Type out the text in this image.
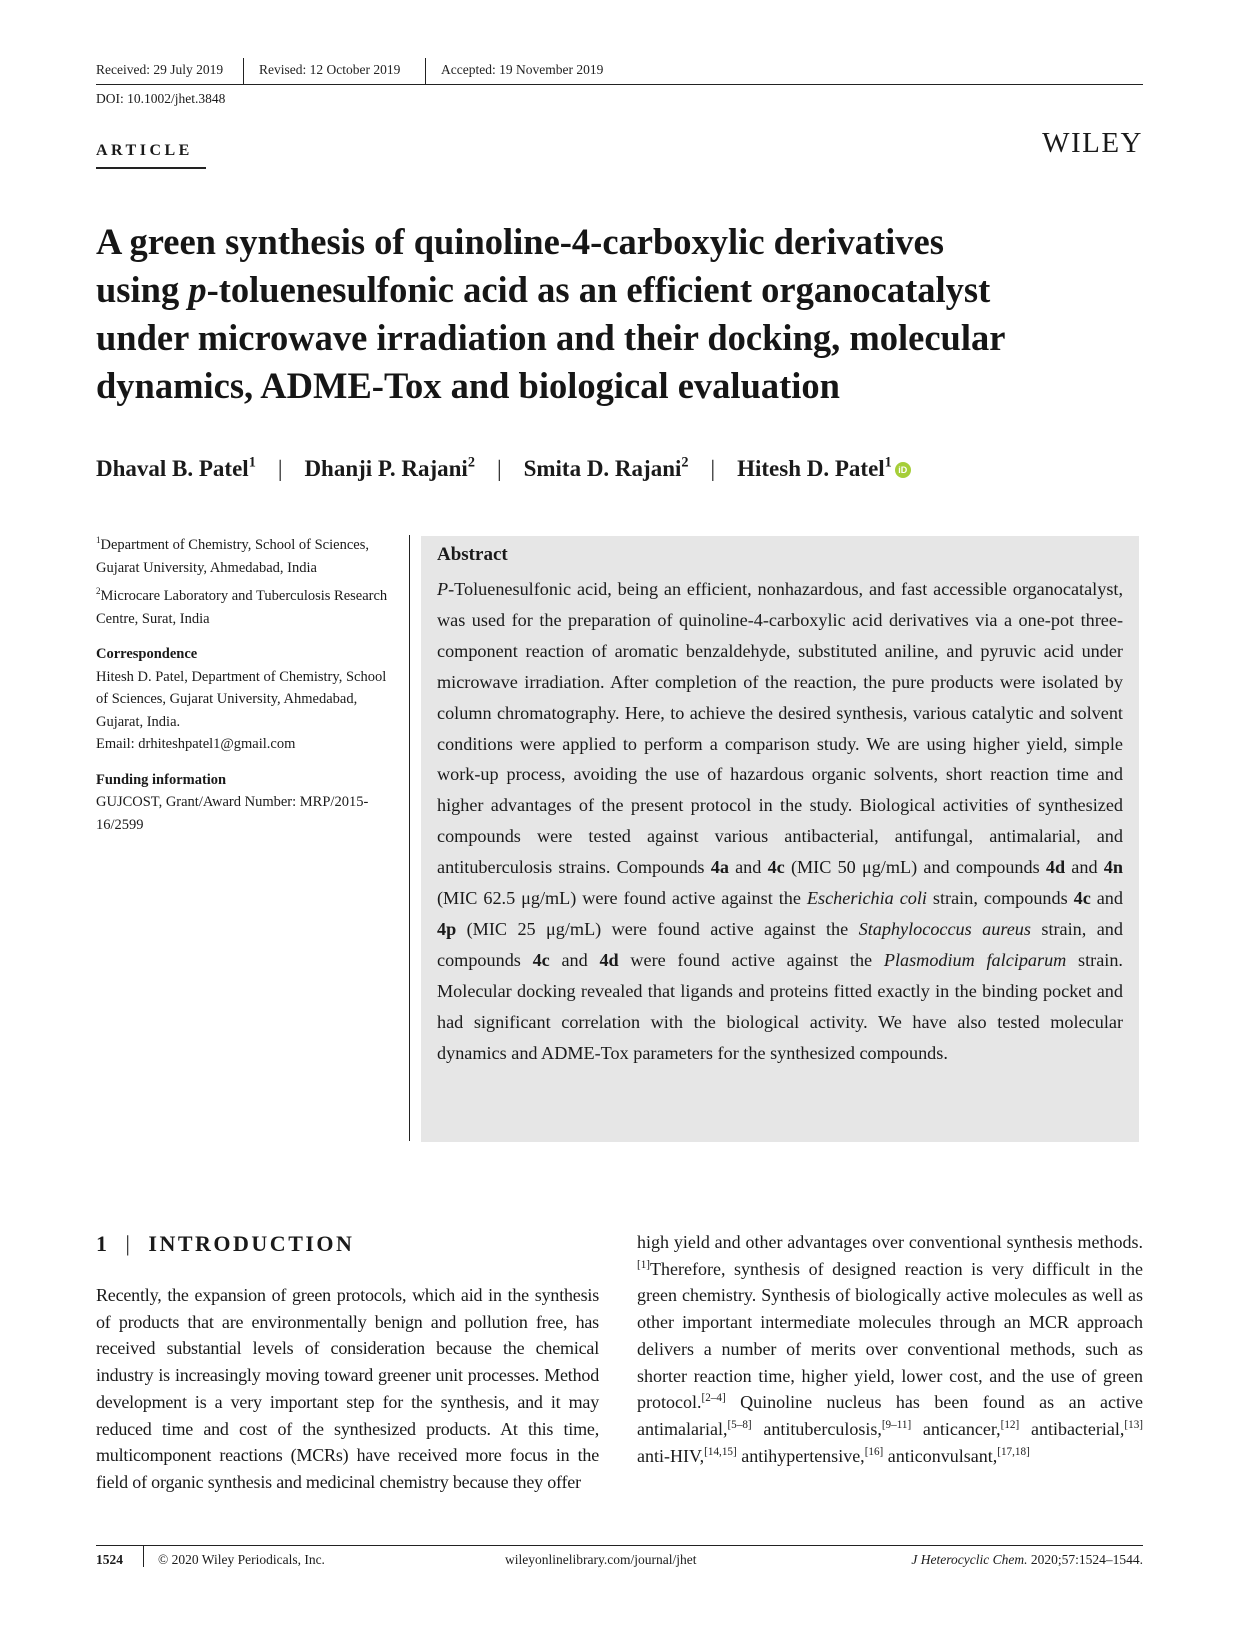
Received: 29 July 2019	Revised: 12 October 2019	Accepted: 19 November 2019
DOI: 10.1002/jhet.3848
ARTICLE	WILEY
A green synthesis of quinoline-4-carboxylic derivatives
using p-toluenesulfonic acid as an efficient organocatalyst
under microwave irradiation and their docking, molecular
dynamics, ADME-Tox and biological evaluation
Dhaval B. Patel$^1$ | Dhanji P. Rajani$^2$ | Smita D. Rajani$^2$ | Hitesh D. Patel$^1$ iD

$^1$Department of Chemistry, School of Sciences, Gujarat University, Ahmedabad, India

$^2$Microcare Laboratory and Tuberculosis Research Centre, Surat, India

Correspondence

Hitesh D. Patel, Department of Chemistry, School of Sciences, Gujarat University, Ahmedabad, Gujarat, India.

Email: drhiteshpatel1@gmail.com

Funding information

GUJCOST, Grant/Award Number: MRP/2015-16/2599

Abstract
P-Toluenesulfonic acid, being an efficient, nonhazardous, and fast accessible organocatalyst, was used for the preparation of quinoline-4-carboxylic acid derivatives via a one-pot three-component reaction of aromatic benzaldehyde, substituted aniline, and pyruvic acid under microwave irradiation. After completion of the reaction, the pure products were isolated by column chromatography. Here, to achieve the desired synthesis, various catalytic and solvent conditions were applied to perform a comparison study. We are using higher yield, simple work-up process, avoiding the use of hazardous organic solvents, short reaction time and higher advantages of the present protocol in the study. Biological activities of synthesized compounds were tested against various antibacterial, antifungal, antimalarial, and antituberculosis strains. Compounds 4a and 4c (MIC 50 μg/mL) and compounds 4d and 4n (MIC 62.5 μg/mL) were found active against the Escherichia coli strain, compounds 4c and 4p (MIC 25 μg/mL) were found active against the Staphylococcus aureus strain, and compounds 4c and 4d were found active against the Plasmodium falciparum strain. Molecular docking revealed that ligands and proteins fitted exactly in the binding pocket and had significant correlation with the biological activity. We have also tested molecular dynamics and ADME-Tox parameters for the synthesized compounds.
1 | INTRODUCTION
Recently, the expansion of green protocols, which aid in the synthesis of products that are environmentally benign and pollution free, has received substantial levels of consideration because the chemical industry is increasingly moving toward greener unit processes. Method development is a very important step for the synthesis, and it may reduced time and cost of the synthesized products. At this time, multicomponent reactions (MCRs) have received more focus in the field of organic synthesis and medicinal chemistry because they offer
high yield and other advantages over conventional synthesis methods.[1]Therefore, synthesis of designed reaction is very difficult in the green chemistry. Synthesis of biologically active molecules as well as other important intermediate molecules through an MCR approach delivers a number of merits over conventional methods, such as shorter reaction time, higher yield, lower cost, and the use of green protocol.[2–4] Quinoline nucleus has been found as an active antimalarial,[5–8] antituberculosis,[9–11] anticancer,[12] antibacterial,[13] anti-HIV,[14,15] antihypertensive,[16] anticonvulsant,[17,18]
1524	© 2020 Wiley Periodicals, Inc.	wileyonlinelibrary.com/journal/jhet	J Heterocyclic Chem. 2020;57:1524–1544.
